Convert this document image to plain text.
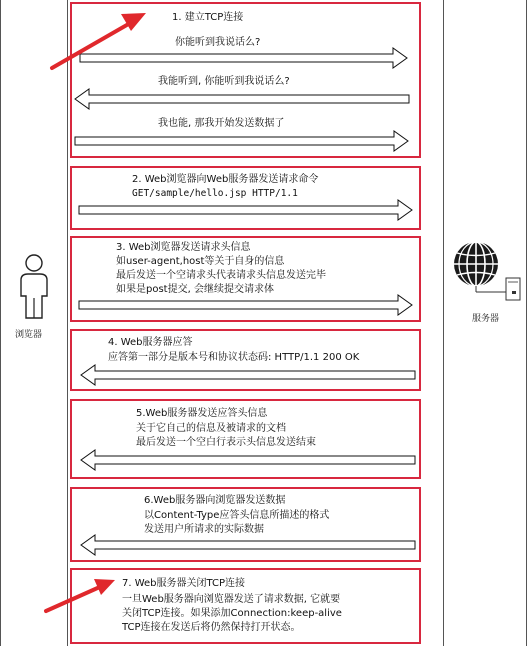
浏览器
服务器
1. 建立TCP连接
你能听到我说话么?
我能听到, 你能听到我说话么?
我也能, 那我开始发送数据了
2. Web浏览器向Web服务器发送请求命令
GET/sample/hello.jsp HTTP/1.1
3. Web浏览器发送请求头信息
如user-agent,host等关于自身的信息
最后发送一个空请求头代表请求头信息发送完毕
如果是post提交, 会继续提交请求体
4. Web服务器应答
应答第一部分是版本号和协议状态码: HTTP/1.1 200 OK
5.Web服务器发送应答头信息
关于它自己的信息及被请求的文档
最后发送一个空白行表示头信息发送结束
6.Web服务器向浏览器发送数据
以Content-Type应答头信息所描述的格式
发送用户所请求的实际数据
7. Web服务器关闭TCP连接
一旦Web服务器向浏览器发送了请求数据, 它就要
关闭TCP连接。如果添加Connection:keep-alive
TCP连接在发送后将仍然保持打开状态。
